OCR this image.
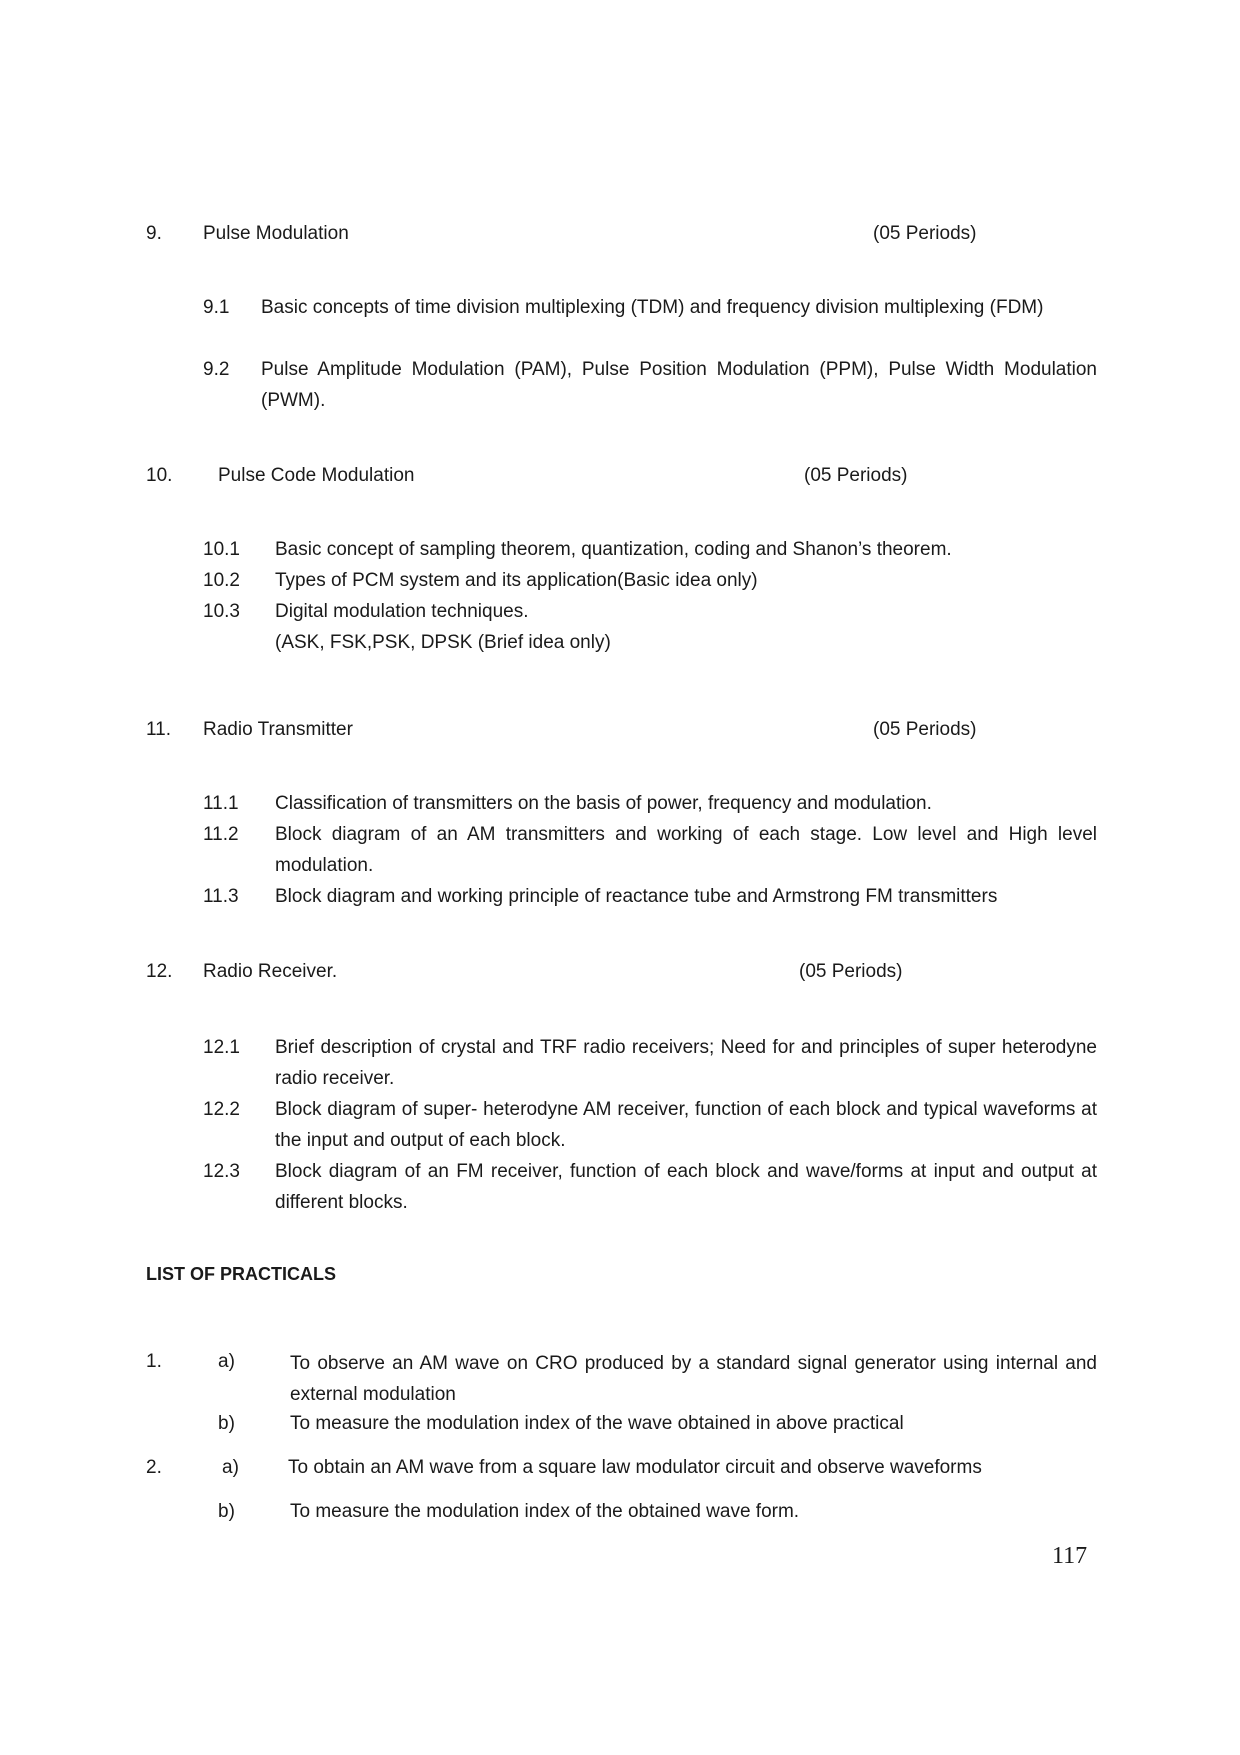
9. Pulse Modulation	(05 Periods)
9.1 Basic concepts of time division multiplexing (TDM) and frequency division multiplexing (FDM)
9.2 Pulse Amplitude Modulation (PAM), Pulse Position Modulation (PPM), Pulse Width Modulation (PWM).
10. Pulse Code Modulation	(05 Periods)
10.1 Basic concept of sampling theorem, quantization, coding and Shanon’s theorem.
10.2 Types of PCM system and its application(Basic idea only)
10.3 Digital modulation techniques.
(ASK, FSK,PSK, DPSK (Brief idea only)
11. Radio Transmitter	(05 Periods)
11.1 Classification of transmitters on the basis of power, frequency and modulation.
11.2 Block diagram of an AM transmitters and working of each stage. Low level and High level modulation.
11.3 Block diagram and working principle of reactance tube and Armstrong FM transmitters
12. Radio Receiver.	(05 Periods)
12.1 Brief description of crystal and TRF radio receivers; Need for and principles of super heterodyne radio receiver.
12.2 Block diagram of super- heterodyne AM receiver, function of each block and typical waveforms at the input and output of each block.
12.3 Block diagram of an FM receiver, function of each block and wave/forms at input and output at different blocks.
LIST OF PRACTICALS
1.	a)	To observe an AM wave on CRO produced by a standard signal generator using internal and external modulation
b)	To measure the modulation index of the wave obtained in above practical
2.	a)	To obtain an AM wave from a square law modulator circuit and observe waveforms
b)	To measure the modulation index of the obtained wave form.
117
